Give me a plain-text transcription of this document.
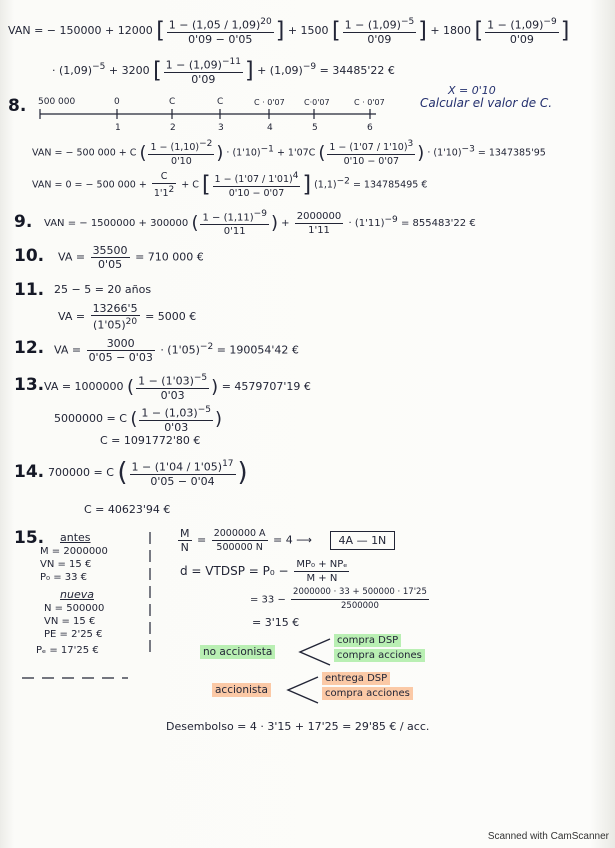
VAN = − 150000 + 12000 [ $\frac{1 - (1,05 / 1,09)^{20}}{0'09 - 0'05}$ ] + 1500 [ $\frac{1 - (1,09)^{-5}}{0'09}$ ] + 1800 [ $\frac{1 - (1,09)^{-9}}{0'09}$ ]
· $(1,09)^{-5} + 3200$ [ $\frac{1 - (1,09)^{-11}}{0'09}$ ] + $(1,09)^{-9} = 34485'22$ €
8.
X = 0'10
Calcular el valor de C.
500 000	0	C	C	C · 0'07 C·0'07	C · 0'07
1	2	3	4	5	6
VAN = − 500 000 + C ( $\frac{1 - (1,10)^{-2}}{0'10}$ ) · $(1'10)^{-1} + 1'07C$ ( $\frac{1 - (1'07 / 1'10)^3}{0'10 - 0'07}$ ) · $(1'10)^{-3} = 1347385'95$
VAN = 0 = − 500 $000 + \frac{C}{1'1^2} + C$ [ $\frac{1 - (1'07 / 1'01)^4}{0'10 - 0'07}$ ] $(1,1)^{-2} = 134785495$ €
9. VAN = − 1500000 + 300000 ( $\frac{1 - (1,11)^{-9}}{0'11}$ ) + $\frac{2000000}{1'11} \cdot (1'11)^{-9} = 855483'22$ €
10. VA = $\frac{35500}{0'05} = 710$ 000 €
11. 25 − 5 = 20 años
VA = $\frac{13266'5}{(1'05)^{20}} = 5000$ €
12. VA = $\frac{3000}{0'05 - 0'03} \cdot (1'05)^{-2} = 190054'42$ €
13. VA = 1000000 ( $\frac{1 - (1'03)^{-5}}{0'03}$ ) = 4579707'19 €
5000000 = C ( $\frac{1 - (1,03)^{-5}}{0'03}$ )
C = 1091772'80 €
14. 700000 = C ( $\frac{1 - (1'04 / 1'05)^{17}}{0'05 - 0'04}$ )
C = 40623'94 €
15. antes
M = 2000000
VN = 15 €
P₀ = 33 €
nueva
N = 500000
VN = 15 €
PE = 2'25 €
Pₑ = 17'25 €
$\frac{M}{N} = \frac{2000000 A}{500000 N} = 4$ ⟶ 4A — 1N
d = VTDSP = $P_0 - \frac{\text{MP₀ + NPₑ}}{M + N}$
= $33 - \frac{2000000 \cdot 33 + 500000 \cdot 17'25}{2500000}$
= 3'15 €
no accionista
compra DSP
compra acciones
accionista
entrega DSP
compra acciones
Desembolso = 4 · 3'15 + 17'25 = 29'85 € / acc.
Scanned with CamScanner
